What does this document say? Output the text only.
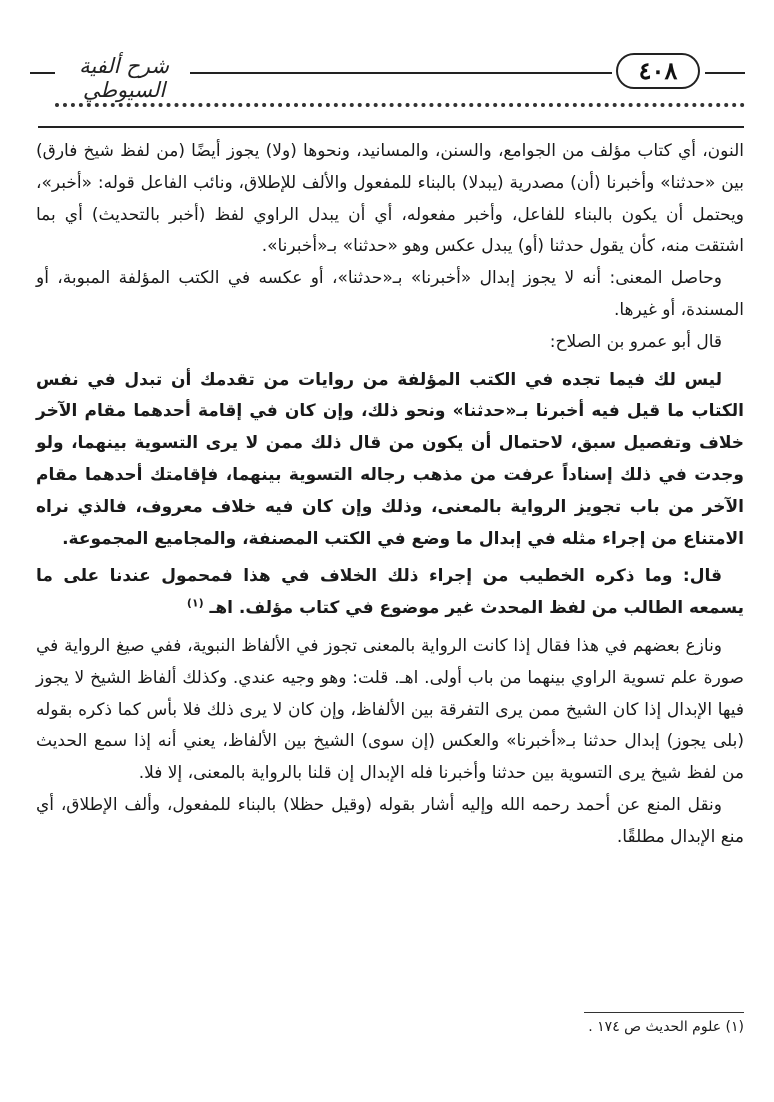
شرح ألفية السيوطي
٤٠٨

النون، أي كتاب مؤلف من الجوامع، والسنن، والمسانيد، ونحوها (ولا) يجوز أيضًا (من لفظ شيخ فارق) بين «حدثنا» وأخبرنا (أن) مصدرية (يبدلا) بالبناء للمفعول والألف للإطلاق، ونائب الفاعل قوله: «أخبر»، ويحتمل أن يكون بالبناء للفاعل، وأخبر مفعوله، أي أن يبدل الراوي لفظ (أخبر بالتحديث) أي بما اشتقت منه، كأن يقول حدثنا (أو) يبدل عكس وهو «حدثنا» بـ«أخبرنا».

وحاصل المعنى: أنه لا يجوز إبدال «أخبرنا» بـ«حدثنا»، أو عكسه في الكتب المؤلفة المبوبة، أو المسندة، أو غيرها.

قال أبو عمرو بن الصلاح:

ليس لك فيما تجده في الكتب المؤلفة من روايات من تقدمك أن تبدل في نفس الكتاب ما قيل فيه أخبرنا بـ«حدثنا» ونحو ذلك، وإن كان في إقامة أحدهما مقام الآخر خلاف وتفصيل سبق، لاحتمال أن يكون من قال ذلك ممن لا يرى التسوية بينهما، ولو وجدت في ذلك إسناداً عرفت من مذهب رجاله التسوية بينهما، فإقامتك أحدهما مقام الآخر من باب تجويز الرواية بالمعنى، وذلك وإن كان فيه خلاف معروف، فالذي نراه الامتناع من إجراء مثله في إبدال ما وضع في الكتب المصنفة، والمجاميع المجموعة.

قال: وما ذكره الخطيب من إجراء ذلك الخلاف في هذا فمحمول عندنا على ما يسمعه الطالب من لفظ المحدث غير موضوع في كتاب مؤلف. اهـ $^{(١)}$

ونازع بعضهم في هذا فقال إذا كانت الرواية بالمعنى تجوز في الألفاظ النبوية، ففي صيغ الرواية في صورة علم تسوية الراوي بينهما من باب أولى. اهـ. قلت: وهو وجيه عندي. وكذلك ألفاظ الشيخ لا يجوز فيها الإبدال إذا كان الشيخ ممن يرى التفرقة بين الألفاظ، وإن كان لا يرى ذلك فلا بأس كما ذكره بقوله (بلى يجوز) إبدال حدثنا بـ«أخبرنا» والعكس (إن سوى) الشيخ بين الألفاظ، يعني أنه إذا سمع الحديث من لفظ شيخ يرى التسوية بين حدثنا وأخبرنا فله الإبدال إن قلنا بالرواية بالمعنى، إلا فلا.

ونقل المنع عن أحمد رحمه الله وإليه أشار بقوله (وقيل حظلا) بالبناء للمفعول، وألف الإطلاق، أي منع الإبدال مطلقًا.

(١) علوم الحديث ص ١٧٤ .
